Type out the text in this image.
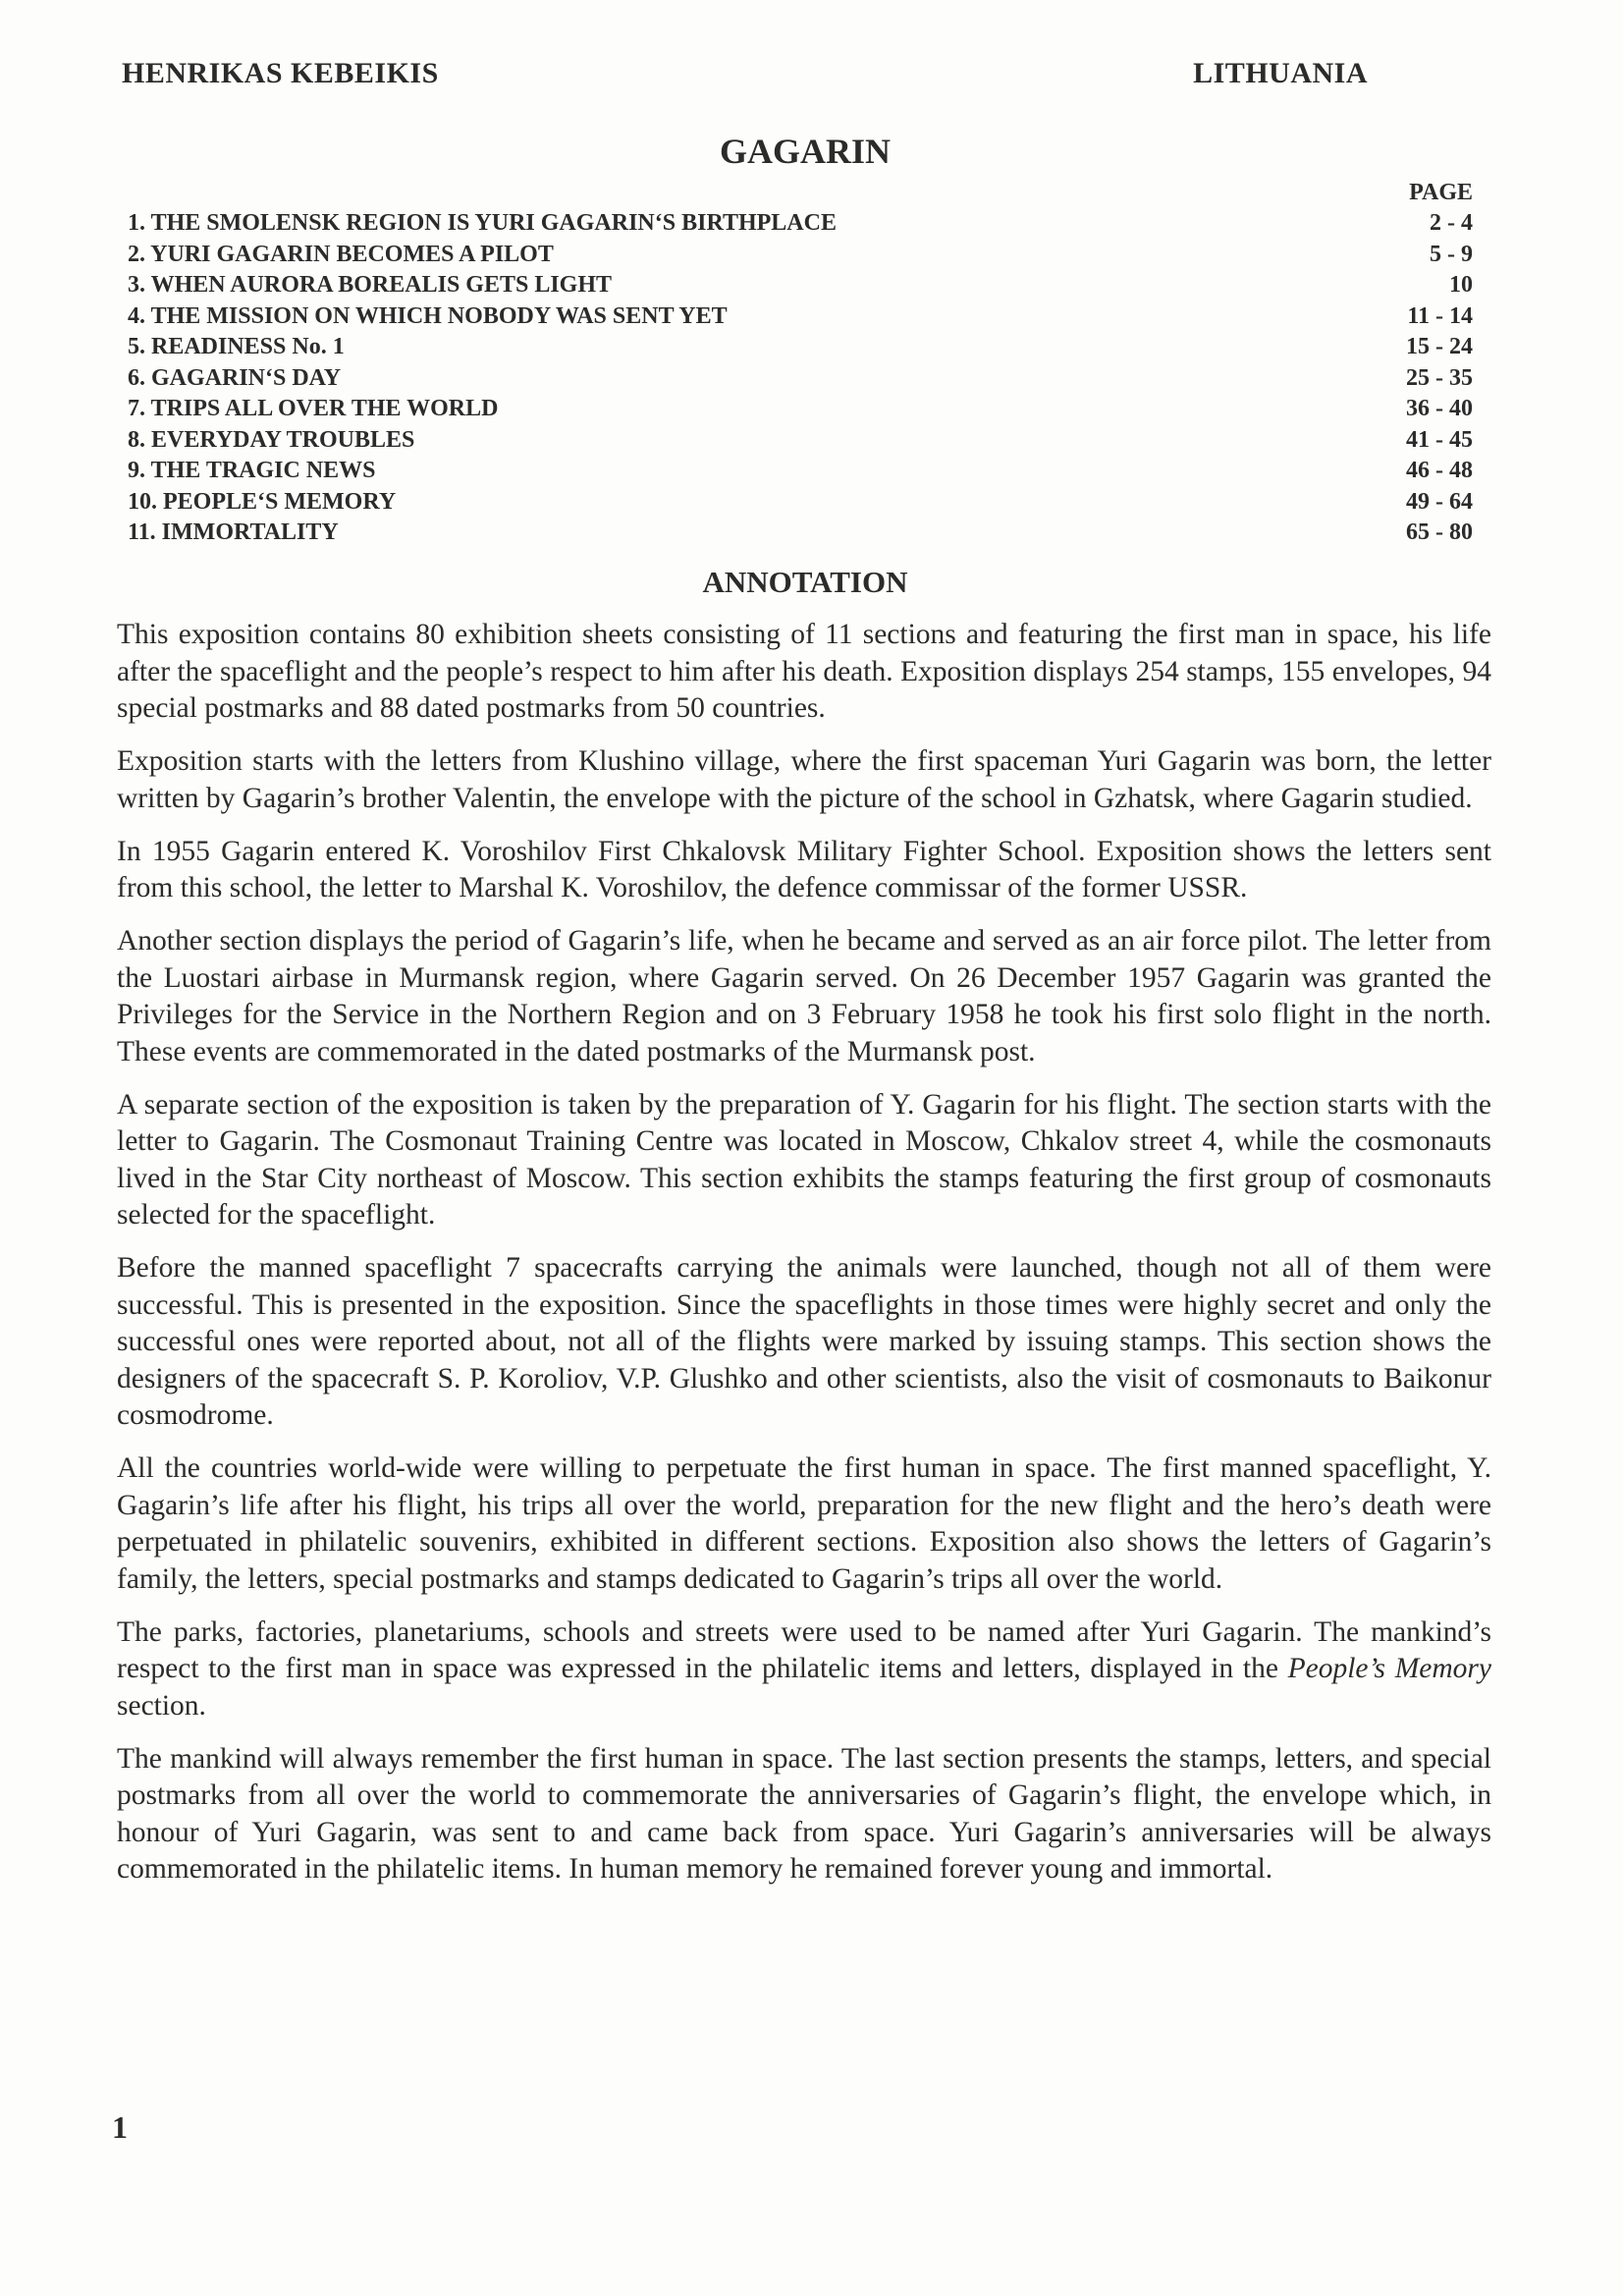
HENRIKAS KEBEIKIS	LITHUANIA
GAGARIN
PAGE
1. THE SMOLENSK REGION IS YURI GAGARIN‘S BIRTHPLACE	2 - 4
2. YURI GAGARIN BECOMES A PILOT	5 - 9
3. WHEN AURORA BOREALIS GETS LIGHT	10
4. THE MISSION ON WHICH NOBODY WAS SENT YET	11 - 14
5. READINESS No. 1	15 - 24
6. GAGARIN‘S DAY	25 - 35
7. TRIPS ALL OVER THE WORLD	36 - 40
8. EVERYDAY TROUBLES	41 - 45
9. THE TRAGIC NEWS	46 - 48
10. PEOPLE‘S MEMORY	49 - 64
11. IMMORTALITY	65 - 80
ANNOTATION

This exposition contains 80 exhibition sheets consisting of 11 sections and featuring the first man in space, his life after the spaceflight and the people’s respect to him after his death. Exposition displays 254 stamps, 155 envelopes, 94 special postmarks and 88 dated postmarks from 50 countries.

Exposition starts with the letters from Klushino village, where the first spaceman Yuri Gagarin was born, the letter written by Gagarin’s brother Valentin, the envelope with the picture of the school in Gzhatsk, where Gagarin studied.

In 1955 Gagarin entered K. Voroshilov First Chkalovsk Military Fighter School. Exposition shows the letters sent from this school, the letter to Marshal K. Voroshilov, the defence commissar of the former USSR.

Another section displays the period of Gagarin’s life, when he became and served as an air force pilot. The letter from the Luostari airbase in Murmansk region, where Gagarin served. On 26 December 1957 Gagarin was granted the Privileges for the Service in the Northern Region and on 3 February 1958 he took his first solo flight in the north. These events are commemorated in the dated postmarks of the Murmansk post.

A separate section of the exposition is taken by the preparation of Y. Gagarin for his flight. The section starts with the letter to Gagarin. The Cosmonaut Training Centre was located in Moscow, Chkalov street 4, while the cosmonauts lived in the Star City northeast of Moscow. This section exhibits the stamps featuring the first group of cosmonauts selected for the spaceflight.

Before the manned spaceflight 7 spacecrafts carrying the animals were launched, though not all of them were successful. This is presented in the exposition. Since the spaceflights in those times were highly secret and only the successful ones were reported about, not all of the flights were marked by issuing stamps. This section shows the designers of the spacecraft S. P. Koroliov, V.P. Glushko and other scientists, also the visit of cosmonauts to Baikonur cosmodrome.

All the countries world-wide were willing to perpetuate the first human in space. The first manned spaceflight, Y. Gagarin’s life after his flight, his trips all over the world, preparation for the new flight and the hero’s death were perpetuated in philatelic souvenirs, exhibited in different sections. Exposition also shows the letters of Gagarin’s family, the letters, special postmarks and stamps dedicated to Gagarin’s trips all over the world.

The parks, factories, planetariums, schools and streets were used to be named after Yuri Gagarin. The mankind’s respect to the first man in space was expressed in the philatelic items and letters, displayed in the People’s Memory section.

The mankind will always remember the first human in space. The last section presents the stamps, letters, and special postmarks from all over the world to commemorate the anniversaries of Gagarin’s flight, the envelope which, in honour of Yuri Gagarin, was sent to and came back from space. Yuri Gagarin’s anniversaries will be always commemorated in the philatelic items. In human memory he remained forever young and immortal.

1
